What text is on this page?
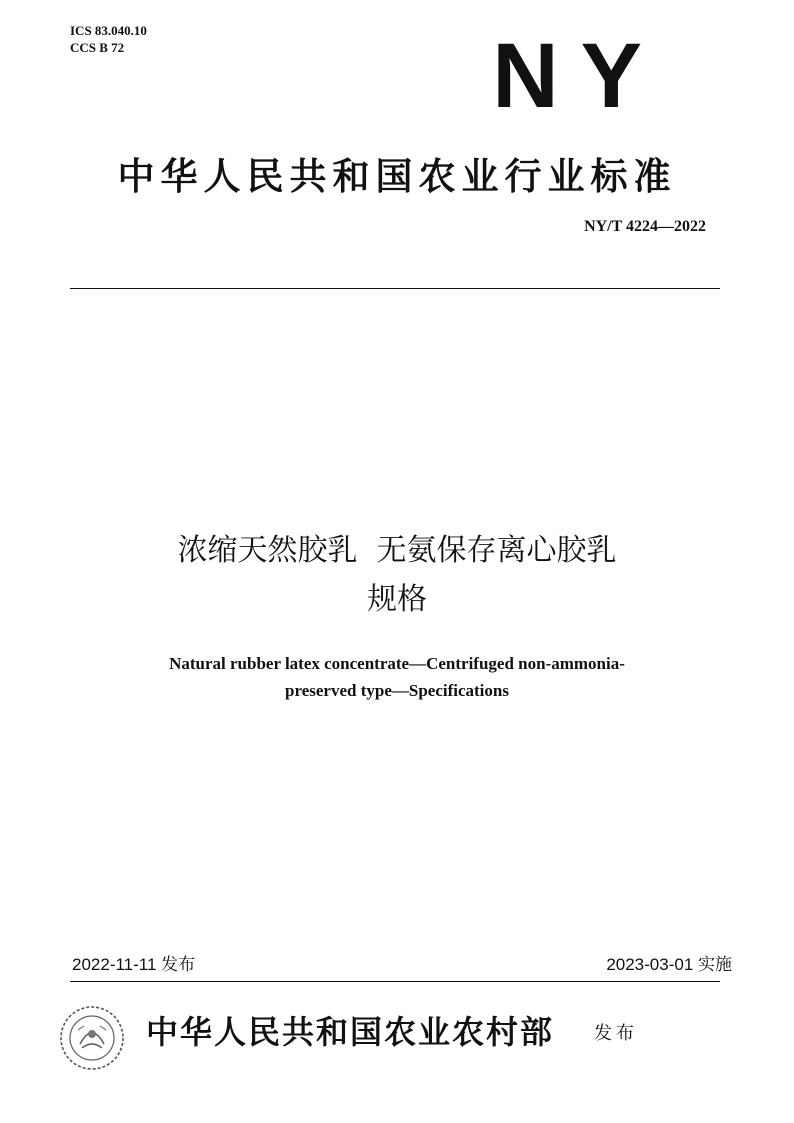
ICS 83.040.10
CCS B 72	NY
中华人民共和国农业行业标准
NY/T 4224—2022
浓缩天然胶乳  无氨保存离心胶乳
规格
Natural rubber latex concentrate—Centrifuged non-ammonia-
preserved type—Specifications
2022-11-11 发布	2023-03-01 实施
中华人民共和国农业农村部 发布
